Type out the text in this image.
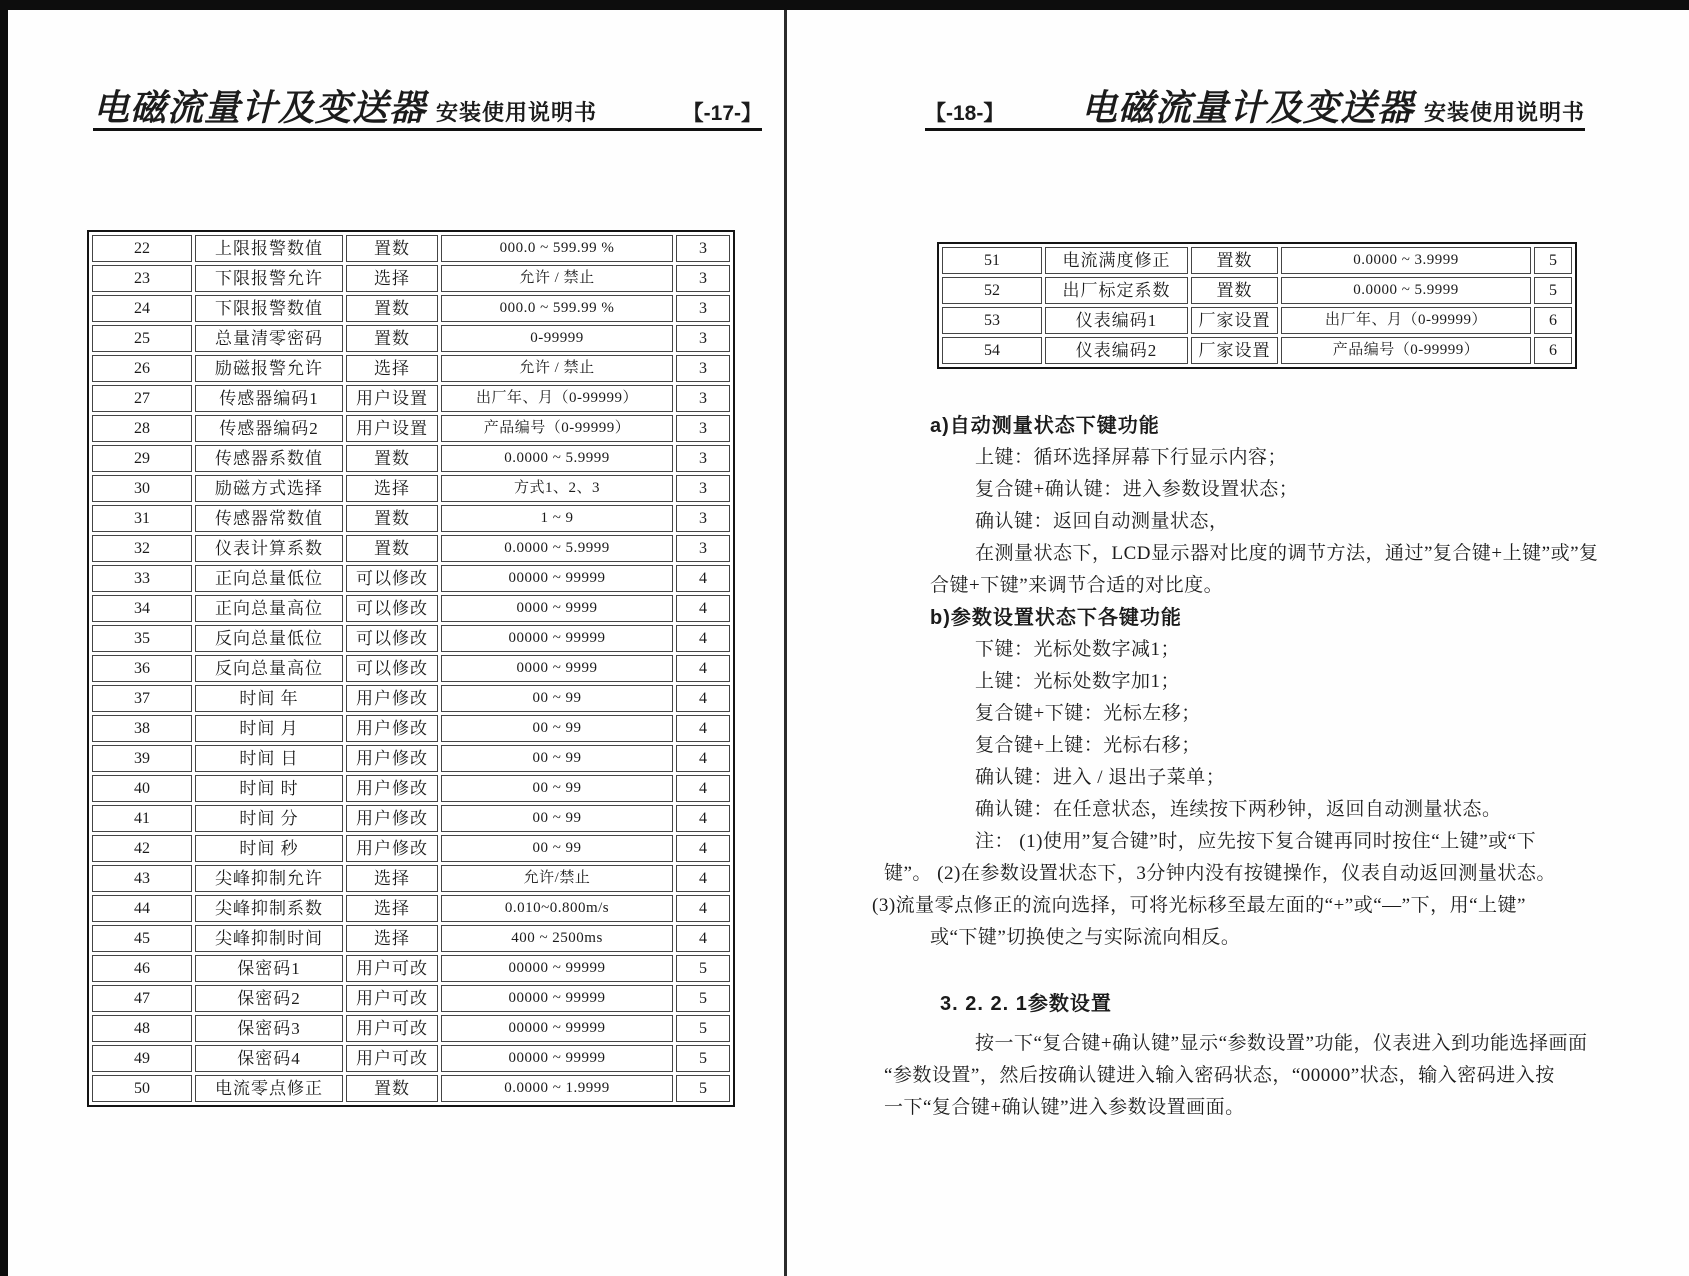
电磁流量计及变送器 安装使用说明书	【-17-】
22	上限报警数值	置数	000.0 ~ 599.99 %	3
23	下限报警允许	选择	允许 / 禁止	3
24	下限报警数值	置数	000.0 ~ 599.99 %	3
25	总量清零密码	置数	0-99999	3
26	励磁报警允许	选择	允许 / 禁止	3
27	传感器编码1	用户设置	出厂年、月（0-99999）	3
28	传感器编码2	用户设置	产品编号（0-99999）	3
29	传感器系数值	置数	0.0000 ~ 5.9999	3
30	励磁方式选择	选择	方式1、2、3	3
31	传感器常数值	置数	1 ~ 9	3
32	仪表计算系数	置数	0.0000 ~ 5.9999	3
33	正向总量低位	可以修改	00000 ~ 99999	4
34	正向总量高位	可以修改	0000 ~ 9999	4
35	反向总量低位	可以修改	00000 ~ 99999	4
36	反向总量高位	可以修改	0000 ~ 9999	4
37	时间 年	用户修改	00 ~ 99	4
38	时间 月	用户修改	00 ~ 99	4
39	时间 日	用户修改	00 ~ 99	4
40	时间 时	用户修改	00 ~ 99	4
41	时间 分	用户修改	00 ~ 99	4
42	时间 秒	用户修改	00 ~ 99	4
43	尖峰抑制允许	选择	允许/禁止	4
44	尖峰抑制系数	选择	0.010~0.800m/s	4
45	尖峰抑制时间	选择	400 ~ 2500ms	4
46	保密码1	用户可改	00000 ~ 99999	5
47	保密码2	用户可改	00000 ~ 99999	5
48	保密码3	用户可改	00000 ~ 99999	5
49	保密码4	用户可改	00000 ~ 99999	5
50	电流零点修正	置数	0.0000 ~ 1.9999	5
【-18-】 电磁流量计及变送器 安装使用说明书
51	电流满度修正	置数	0.0000 ~ 3.9999	5
52	出厂标定系数	置数	0.0000 ~ 5.9999	5
53	仪表编码1	厂家设置	出厂年、月（0-99999）	6
54	仪表编码2	厂家设置	产品编号（0-99999）	6
a)自动测量状态下键功能
上键：循环选择屏幕下行显示内容；
复合键+确认键：进入参数设置状态；
确认键：返回自动测量状态，
在测量状态下，LCD显示器对比度的调节方法，通过”复合键+上键”或”复
合键+下键”来调节合适的对比度。
b)参数设置状态下各键功能
下键：光标处数字减1；
上键：光标处数字加1；
复合键+下键：光标左移；
复合键+上键：光标右移；
确认键：进入 / 退出子菜单；
确认键：在任意状态，连续按下两秒钟，返回自动测量状态。
注： (1)使用”复合键”时，应先按下复合键再同时按住“上键”或“下
键”。 (2)在参数设置状态下，3分钟内没有按键操作，仪表自动返回测量状态。
(3)流量零点修正的流向选择，可将光标移至最左面的“+”或“—”下，用“上键”
或“下键”切换使之与实际流向相反。
3. 2. 2. 1参数设置
按一下“复合键+确认键”显示“参数设置”功能，仪表进入到功能选择画面
“参数设置”，然后按确认键进入输入密码状态，“00000”状态，输入密码进入按
一下“复合键+确认键”进入参数设置画面。
